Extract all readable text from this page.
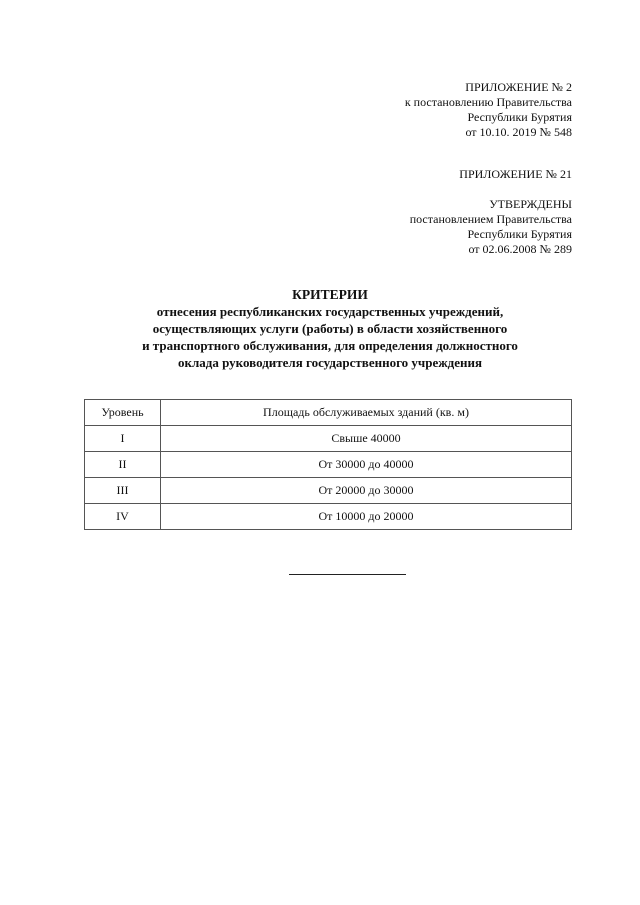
ПРИЛОЖЕНИЕ № 2
к постановлению Правительства
Республики Бурятия
от 10.10. 2019 № 548
ПРИЛОЖЕНИЕ № 21
УТВЕРЖДЕНЫ
постановлением Правительства
Республики Бурятия
от 02.06.2008 № 289
КРИТЕРИИ
отнесения республиканских государственных учреждений,
осуществляющих услуги (работы) в области хозяйственного
и транспортного обслуживания, для определения должностного
оклада руководителя государственного учреждения
Уровень	Площадь обслуживаемых зданий (кв. м)
I	Свыше 40000
II	От 30000 до 40000
III	От 20000 до 30000
IV	От 10000 до 20000
